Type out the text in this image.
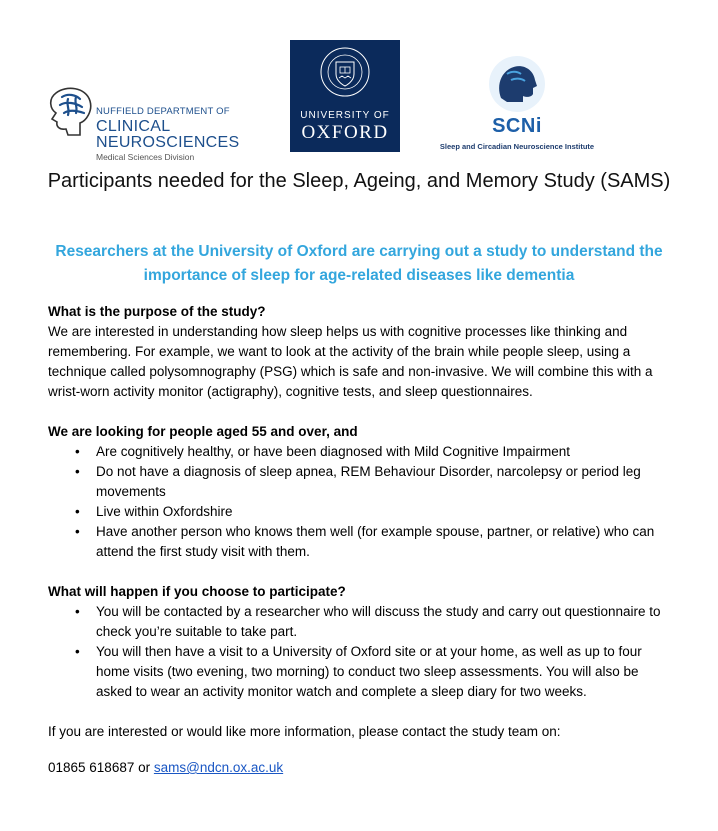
NUFFIELD DEPARTMENT OF
CLINICAL NEUROSCIENCES
Medical Sciences Division
UNIVERSITY OF
OXFORD	SCNi
Sleep and Circadian Neuroscience Institute
Participants needed for the Sleep, Ageing, and Memory Study (SAMS)
Researchers at the University of Oxford are carrying out a study to understand the importance of sleep for age-related diseases like dementia

What is the purpose of the study?

We are interested in understanding how sleep helps us with cognitive processes like thinking and remembering. For example, we want to look at the activity of the brain while people sleep, using a technique called polysomnography (PSG) which is safe and non-invasive. We will combine this with a wrist-worn activity monitor (actigraphy), cognitive tests, and sleep questionnaires.

We are looking for people aged 55 and over, and

• Are cognitively healthy, or have been diagnosed with Mild Cognitive Impairment
• Do not have a diagnosis of sleep apnea, REM Behaviour Disorder, narcolepsy or period leg movements
• Live within Oxfordshire
• Have another person who knows them well (for example spouse, partner, or relative) who can attend the first study visit with them.

What will happen if you choose to participate?

• You will be contacted by a researcher who will discuss the study and carry out questionnaire to check you’re suitable to take part.
• You will then have a visit to a University of Oxford site or at your home, as well as up to four home visits (two evening, two morning) to conduct two sleep assessments. You will also be asked to wear an activity monitor watch and complete a sleep diary for two weeks.

If you are interested or would like more information, please contact the study team on:

01865 618687 or sams@ndcn.ox.ac.uk
